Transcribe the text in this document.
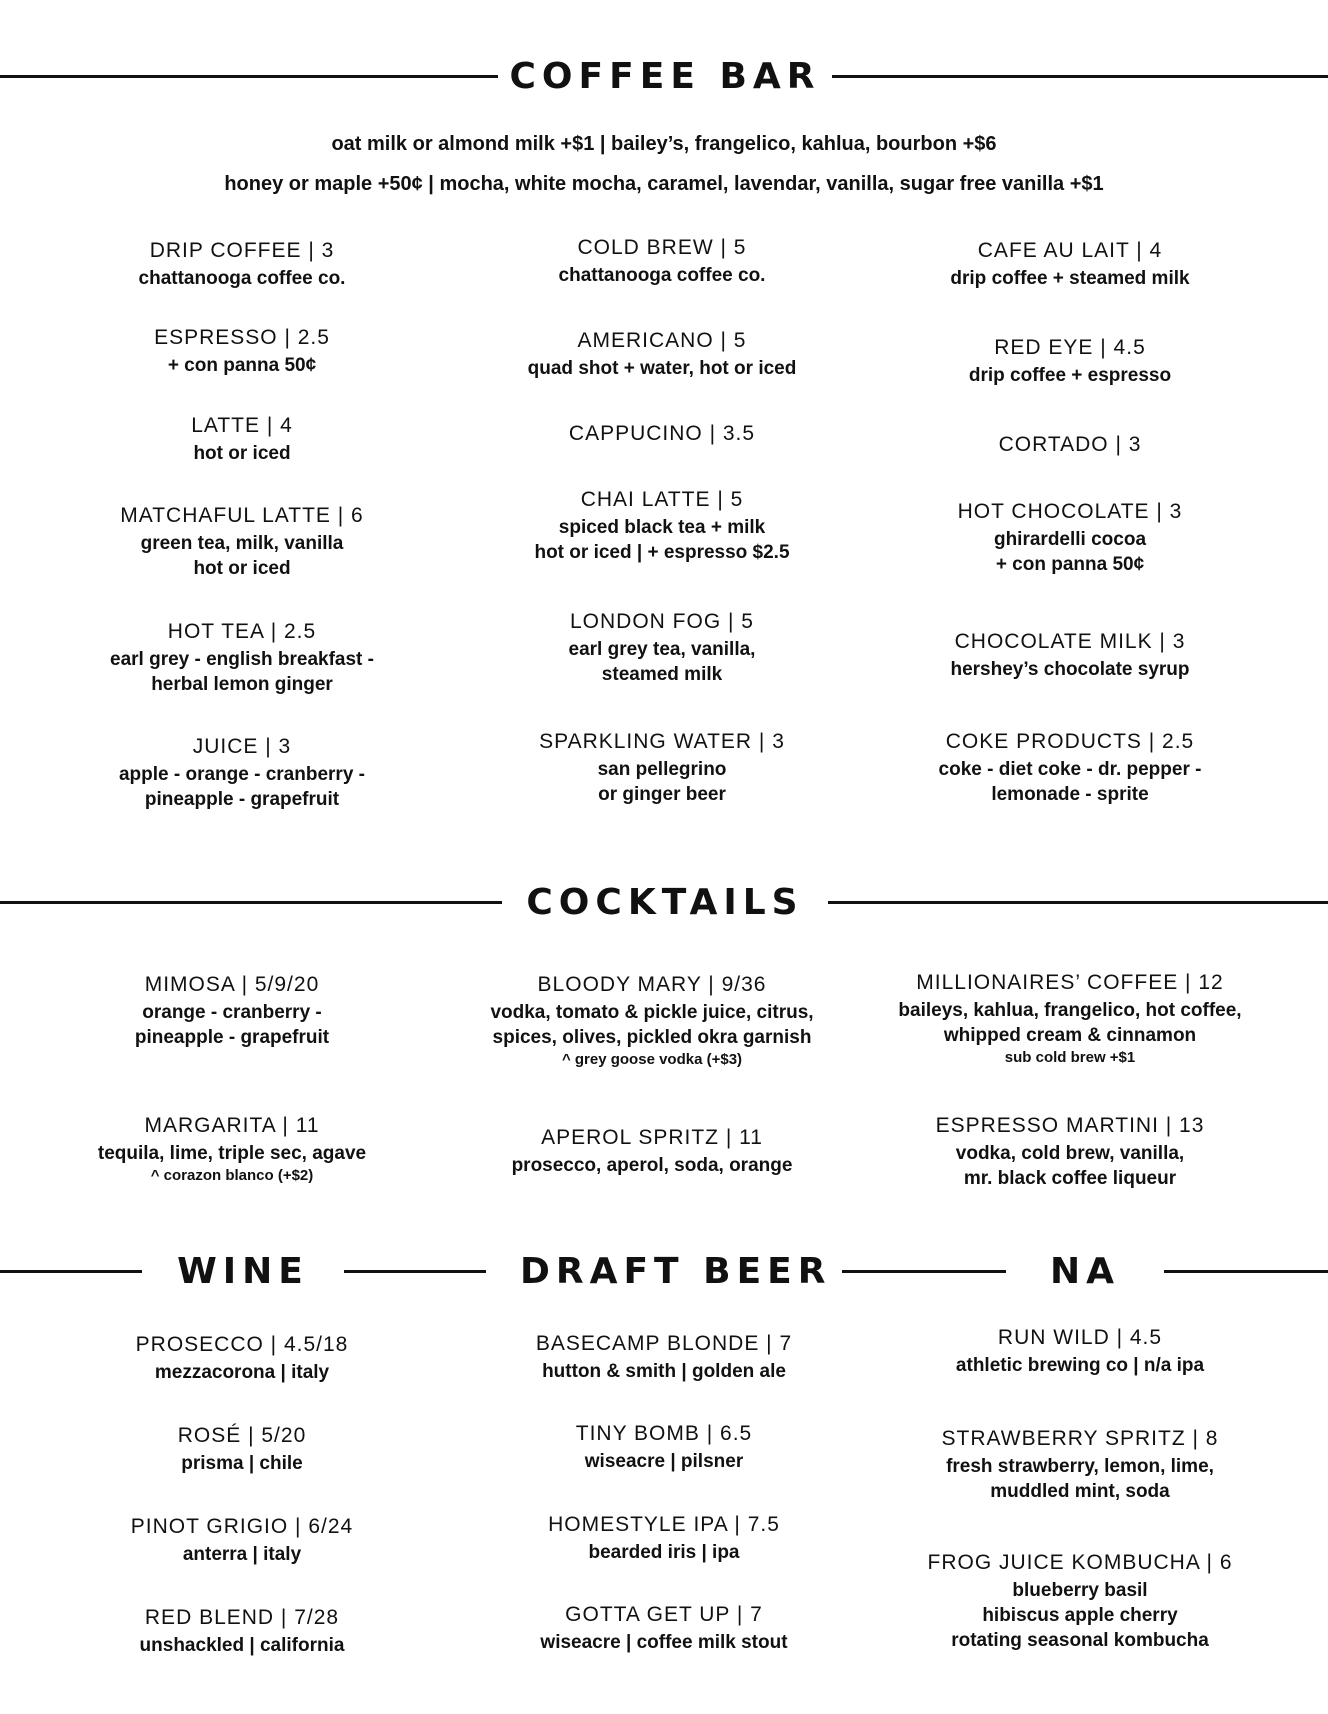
COFFEE BAR

oat milk or almond milk +$1 | bailey’s, frangelico, kahlua, bourbon +$6

honey or maple +50¢ | mocha, white mocha, caramel, lavendar, vanilla, sugar free vanilla +$1

DRIP COFFEE | 3
chattanooga coffee co.
ESPRESSO | 2.5
+ con panna 50¢
LATTE | 4
hot or iced
MATCHAFUL LATTE | 6
green tea, milk, vanilla
hot or iced
HOT TEA | 2.5
earl grey - english breakfast -
herbal lemon ginger
JUICE | 3
apple - orange - cranberry -
pineapple - grapefruit
COLD BREW | 5
chattanooga coffee co.
AMERICANO | 5
quad shot + water, hot or iced
CAPPUCINO | 3.5
CHAI LATTE | 5
spiced black tea + milk
hot or iced | + espresso $2.5
LONDON FOG | 5
earl grey tea, vanilla,
steamed milk
SPARKLING WATER | 3
san pellegrino
or ginger beer
CAFE AU LAIT | 4
drip coffee + steamed milk
RED EYE | 4.5
drip coffee + espresso
CORTADO | 3
HOT CHOCOLATE | 3
ghirardelli cocoa
+ con panna 50¢
CHOCOLATE MILK | 3
hershey’s chocolate syrup
COKE PRODUCTS | 2.5
coke - diet coke - dr. pepper -
lemonade - sprite
COCKTAILS
MIMOSA | 5/9/20
orange - cranberry -
pineapple - grapefruit
MARGARITA | 11
tequila, lime, triple sec, agave
^ corazon blanco (+$2)
BLOODY MARY | 9/36
vodka, tomato & pickle juice, citrus,
spices, olives, pickled okra garnish
^ grey goose vodka (+$3)
APEROL SPRITZ | 11
prosecco, aperol, soda, orange
MILLIONAIRES’ COFFEE | 12
baileys, kahlua, frangelico, hot coffee,
whipped cream & cinnamon
sub cold brew +$1
ESPRESSO MARTINI | 13
vodka, cold brew, vanilla,
mr. black coffee liqueur
WINE	DRAFT BEER	NA
PROSECCO | 4.5/18
mezzacorona | italy
ROSÉ | 5/20
prisma | chile
PINOT GRIGIO | 6/24
anterra | italy
RED BLEND | 7/28
unshackled | california
BASECAMP BLONDE | 7
hutton & smith | golden ale
TINY BOMB | 6.5
wiseacre | pilsner
HOMESTYLE IPA | 7.5
bearded iris | ipa
GOTTA GET UP | 7
wiseacre | coffee milk stout
RUN WILD | 4.5
athletic brewing co | n/a ipa
STRAWBERRY SPRITZ | 8
fresh strawberry, lemon, lime,
muddled mint, soda
FROG JUICE KOMBUCHA | 6
blueberry basil
hibiscus apple cherry
rotating seasonal kombucha
